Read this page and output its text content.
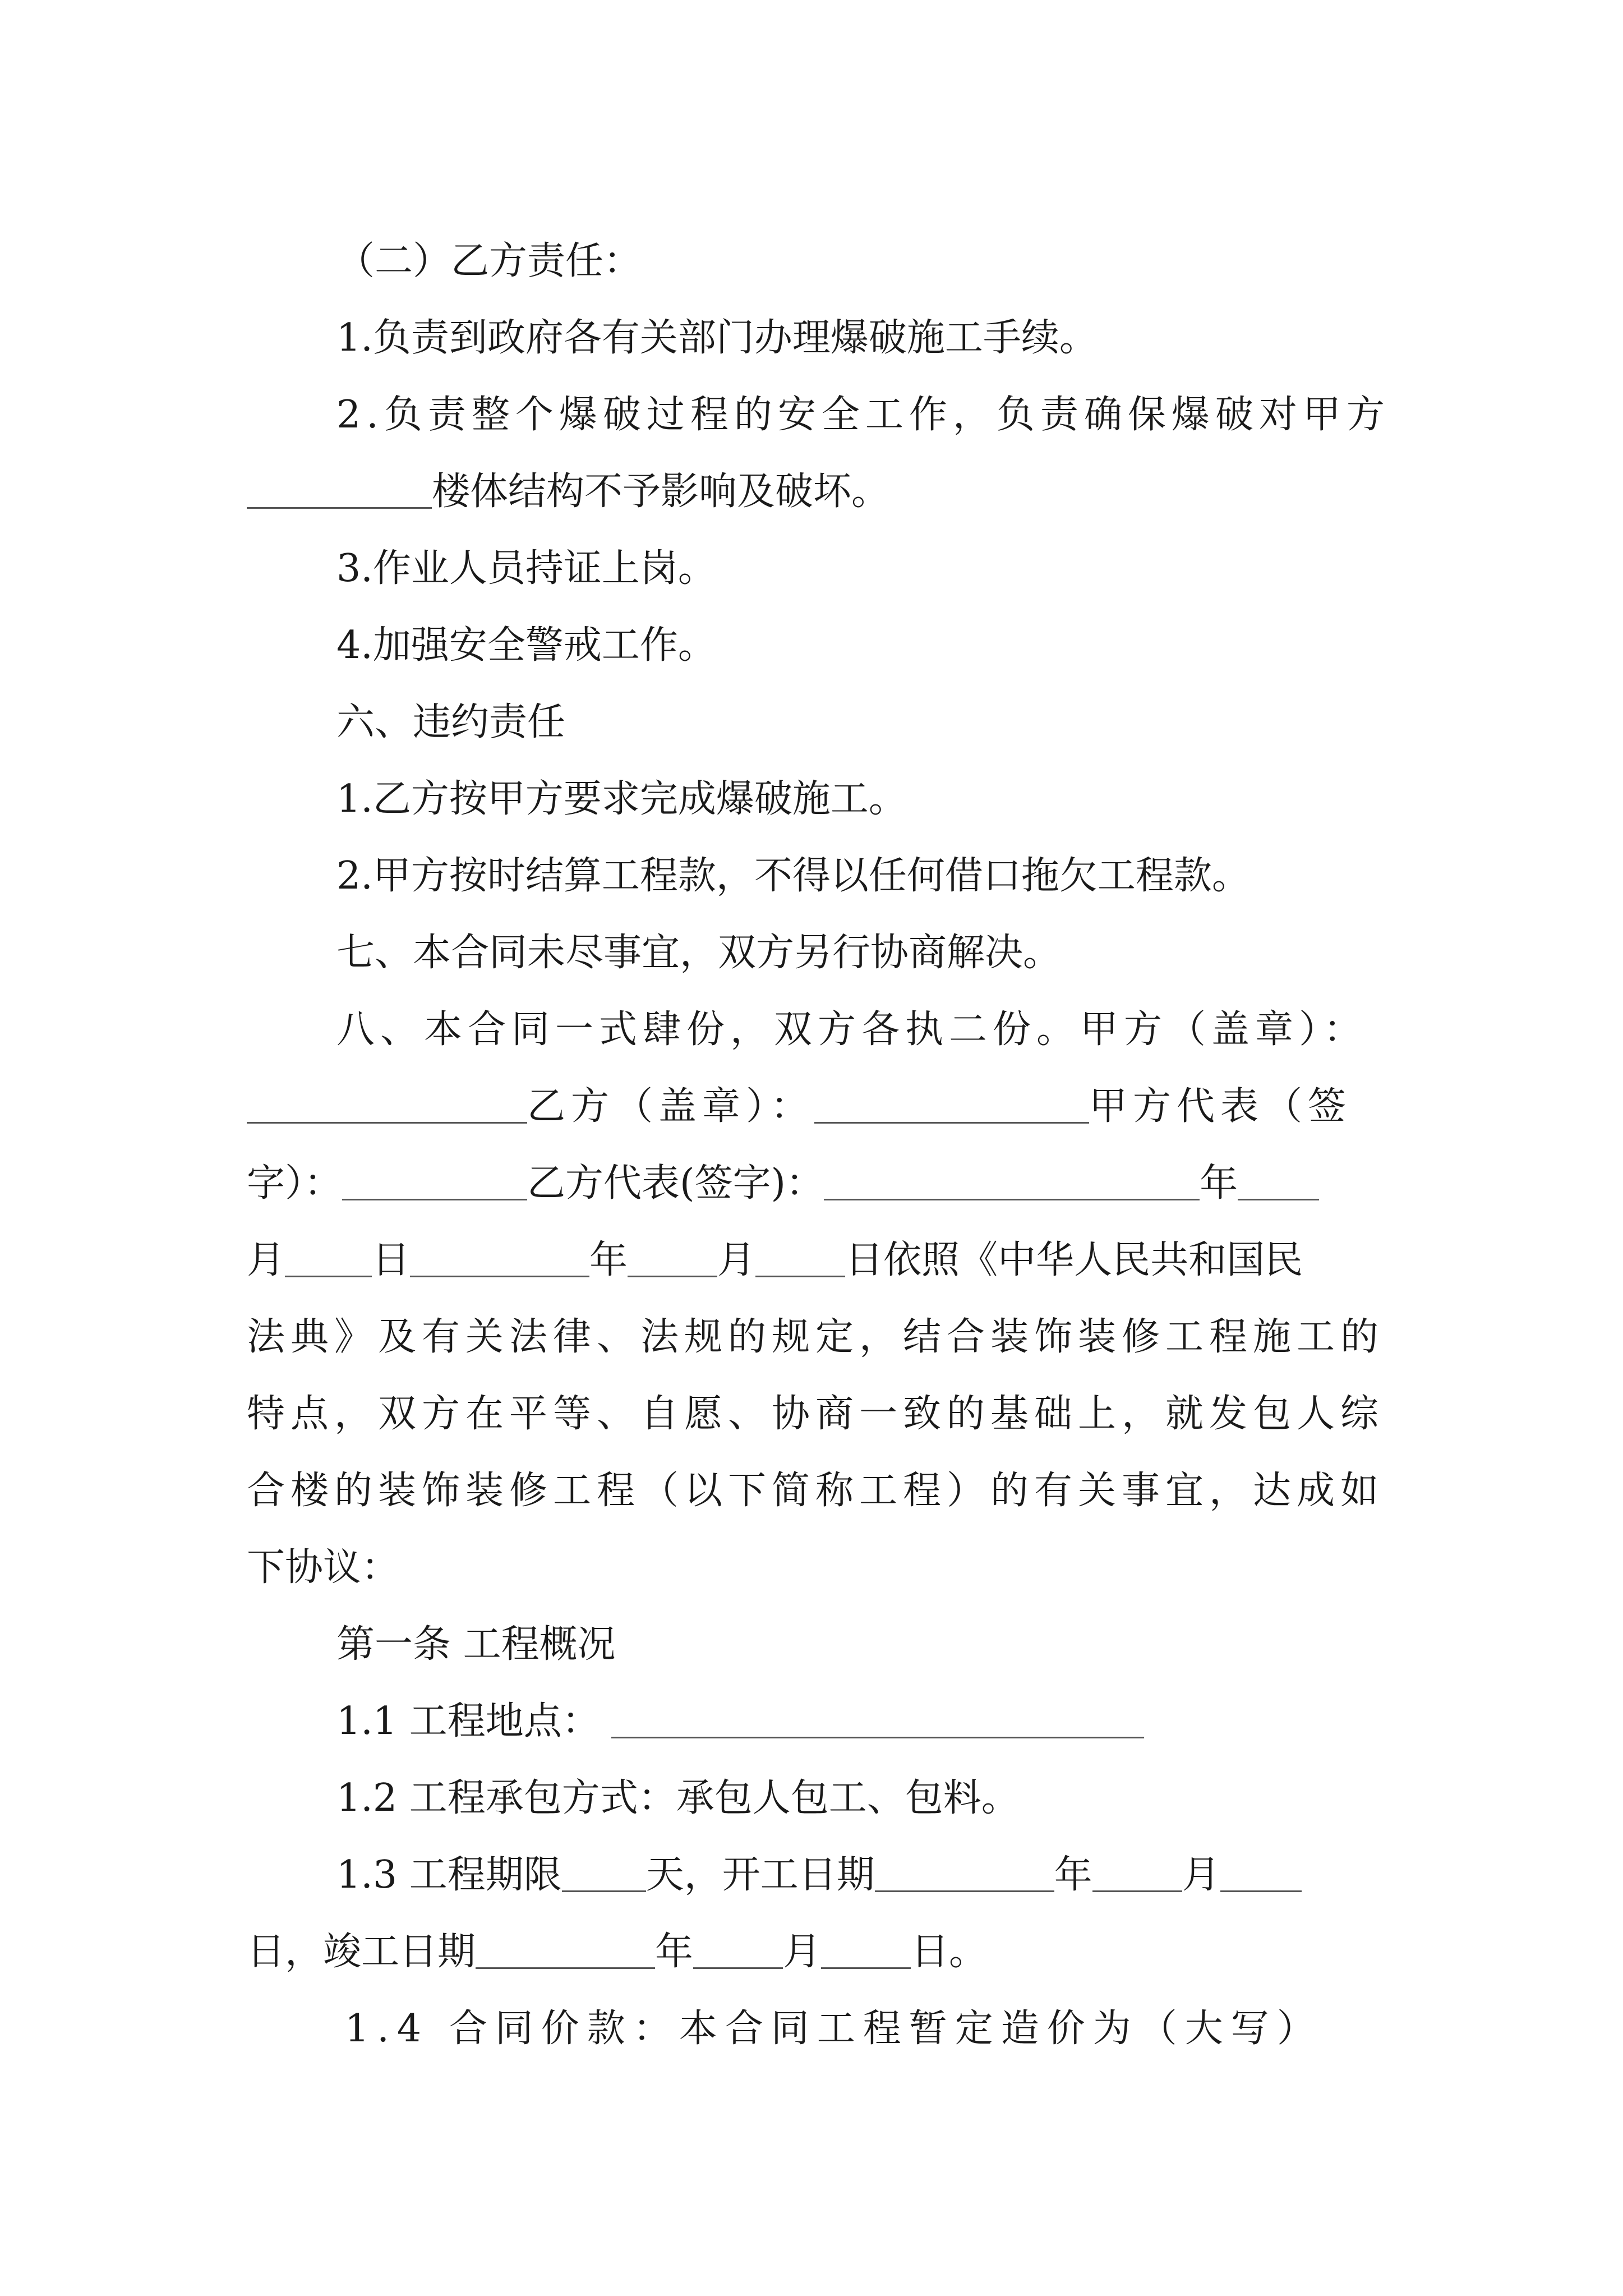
（二）乙方责任：
1.负责到政府各有关部门办理爆破施工手续。
2.负责整个爆破过程的安全工作，负责确保爆破对甲方
楼体结构不予影响及破坏。
3.作业人员持证上岗。
4.加强安全警戒工作。
六、违约责任
1.乙方按甲方要求完成爆破施工。
2.甲方按时结算工程款，不得以任何借口拖欠工程款。
七、本合同未尽事宜，双方另行协商解决。
八、本合同一式肆份，双方各执二份。甲方（盖章）：
乙方（盖章）：	甲方代表（签
字）：	乙方代表(签字)：	年
月 日	年 月 日依照《中华人民共和国民
法典》及有关法律、法规的规定，结合装饰装修工程施工的
特点，双方在平等、自愿、协商一致的基础上，就发包人综
合楼的装饰装修工程（以下简称工程）的有关事宜，达成如
下协议：
第一条 工程概况
1.1 工程地点：
1.2 工程承包方式：承包人包工、包料。
1.3 工程期限 天，开工日期	年 月
日，竣工日期	年 月 日。
1.4 合同价款：本合同工程暂定造价为（大写）
